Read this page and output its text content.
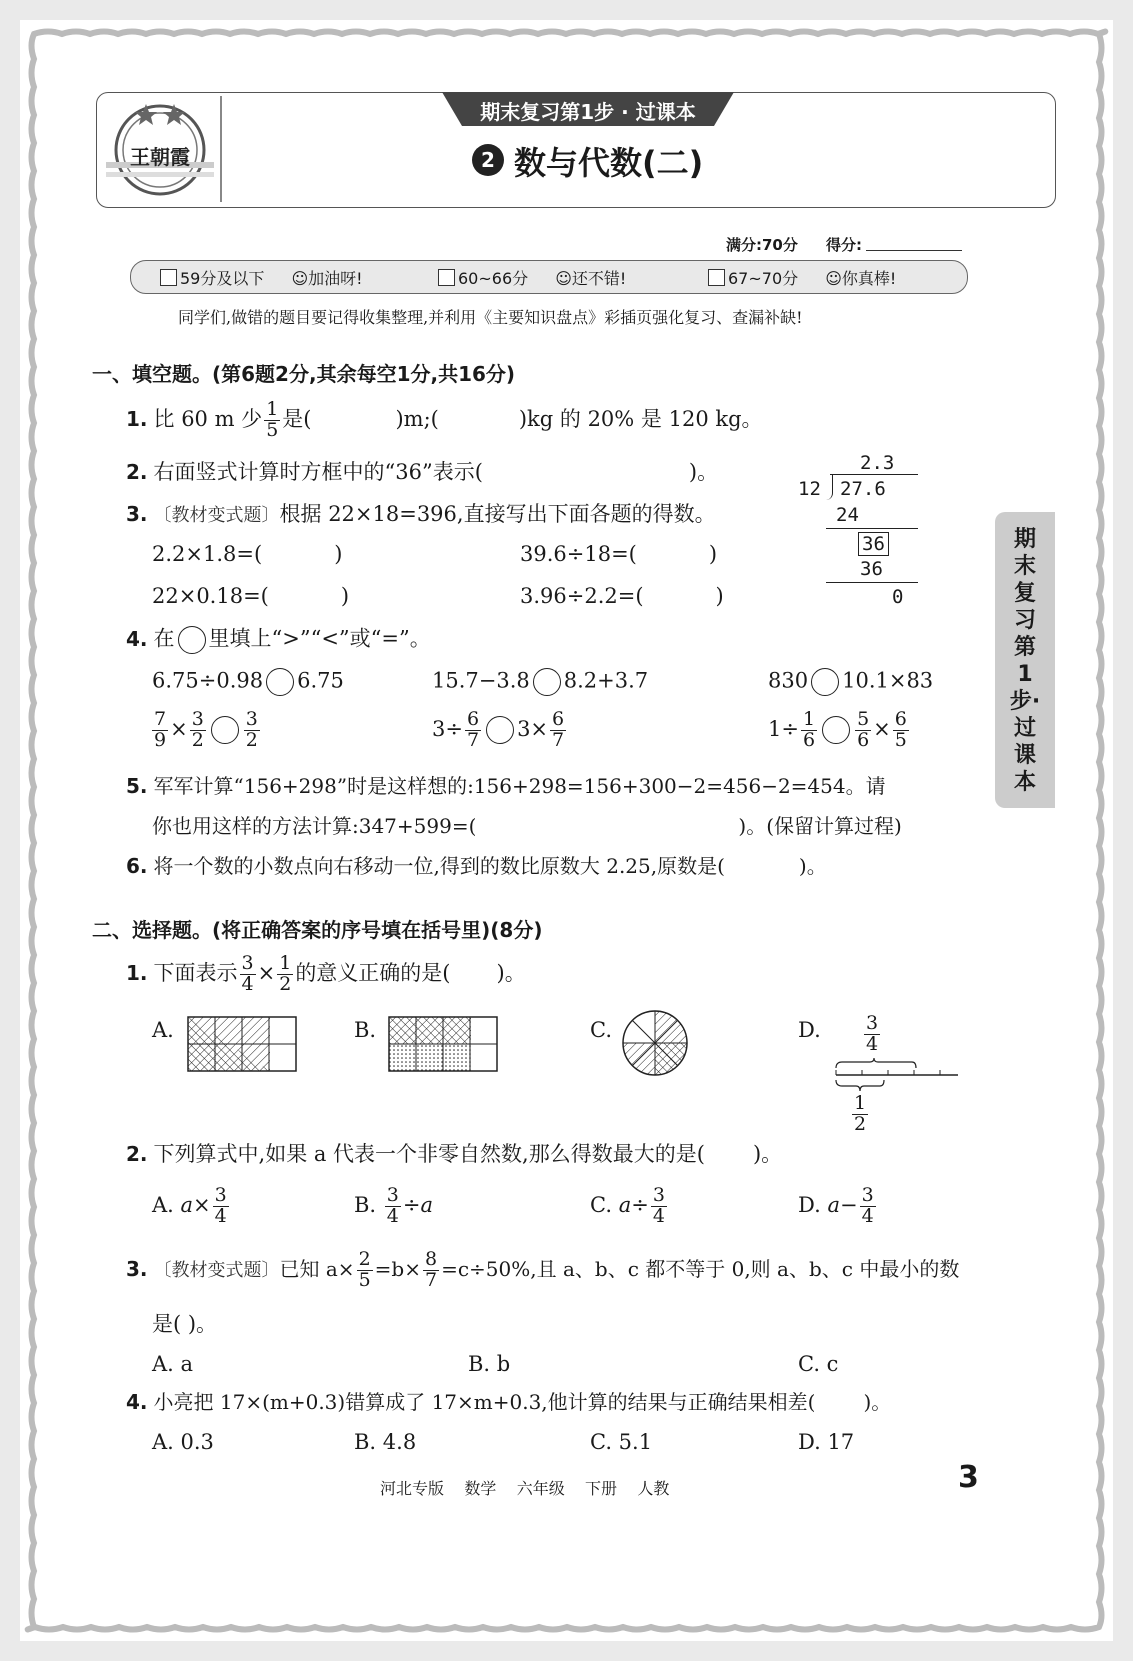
王朝霞
期末复习第1步 · 过课本
2 数与代数(二)
满分:70分 得分:
59分及以下 ☺加油呀!	60~66分 ☺还不错!	67~70分 ☺你真棒!
同学们,做错的题目要记得收集整理,并利用《主要知识盘点》彩插页强化复习、查漏补缺!
期末复习第1步·过课本
一、填空题。(第6题2分,其余每空1分,共16分)
1. 比 60 m 少 $\frac{1}{5}$ 是(	)m;(	)kg 的 20% 是 120 kg。
2. 右面竖式计算时方框中的“36”表示(	)。
3. 〔教材变式题〕根据 22×18=396,直接写出下面各题的得数。
2.2×1.8=(	)	39.6÷18=(	)
22×0.18=(	)	3.96÷2.2=(	)
2.3
12 27.6
24
36
36
0
4. 在 里填上“>”“<”或“=”。
6.75÷0.98 6.75	15.7−3.8 8.2+3.7	830 10.1×83
$\frac{7}{9} \times \frac{3}{2} \frac{3}{2}$	$3\div \frac{6}{7} 3\times \frac{6}{7}$	$1\div \frac{1}{6} \frac{5}{6} \times \frac{6}{5}$
5. 军军计算“156+298”时是这样想的:156+298=156+300−2=456−2=454。请
你也用这样的方法计算:347+599=(	)。(保留计算过程)
6. 将一个数的小数点向右移动一位,得到的数比原数大 2.25,原数是(	)。
二、选择题。(将正确答案的序号填在括号里)(8分)
1. 下面表示 $\frac{3}{4} \times \frac{1}{2}$ 的意义正确的是( )。
A.	B.	C.	D. $\frac{3}{4}$
$\frac{1}{2}$
2. 下列算式中,如果 a 代表一个非零自然数,那么得数最大的是( )。
A. $a\times \frac{3}{4}$	B. $\frac{3}{4} \div a$	C. $a\div \frac{3}{4}$	D. $a- \frac{3}{4}$
3. 〔教材变式题〕已知 $a\times \frac{2}{5} =b\times \frac{8}{7} =c\div 50\%$,且 a、b、c 都不等于 0,则 a、b、c 中最小的数
是( )。
A. a	B. b	C. c
4. 小亮把 17×(m+0.3)错算成了 17×m+0.3,他计算的结果与正确结果相差( )。
A. 0.3	B. 4.8	C. 5.1	D. 17
河北专版    数学    六年级    下册    人教	3
